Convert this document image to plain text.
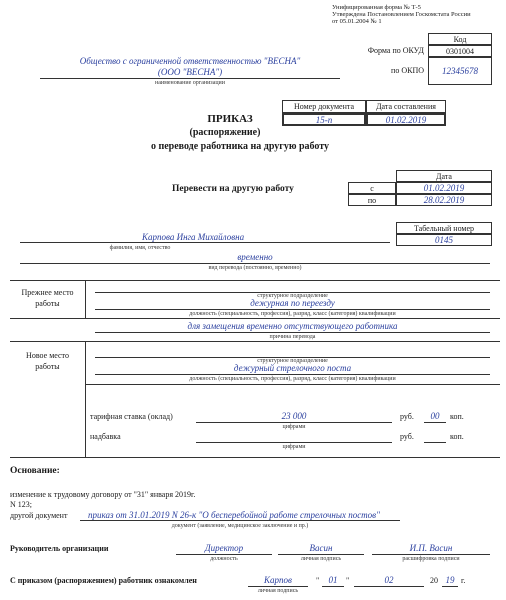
Унифицированная форма № Т-5
Утверждена Постановлением Госкомстата России
от 05.01.2004 № 1
Код
0301004
12345678
Форма по ОКУД
по ОКПО
Общество с ограниченной ответственностью "ВЕСНА"
(ООО "ВЕСНА")
наименование организации
Номер документа	Дата составления
15-п	01.02.2019
ПРИКАЗ
(распоряжение)
о переводе работника на другую работу
Перевести на другую работу
Дата
с	01.02.2019
по	28.02.2019
Табельный номер
0145
Карпова Инга Михайловна
фамилия, имя, отчество
временно
вид перевода (постоянно, временно)
Прежнее место
работы
структурное подразделение
дежурная по переезду
должность (специальность, профессия), разряд, класс (категория) квалификации
для замещения временно отсутствующего работника
причина перевода
Новое место
работы
структурное подразделение
дежурный стрелочного поста
должность (специальность, профессия), разряд, класс (категория) квалификации
тарифная ставка (оклад)	23 000
цифрами
руб.	00	коп.
надбавка
цифрами
руб.	коп.
Основание:
изменение к трудовому договору от "31" января 2019г.
N 123;
другой документ	приказ от 31.01.2019 N 26-к "О бесперебойной работе стрелочных постов"
документ (заявление, медицинское заключение и пр.)
Руководитель организации	Директор
должность
Васин
личная подпись
И.П. Васин
расшифровка подписи
С приказом (распоряжением) работник ознакомлен	Карпов
личная подпись
"	01	"	02	20 19 г.
